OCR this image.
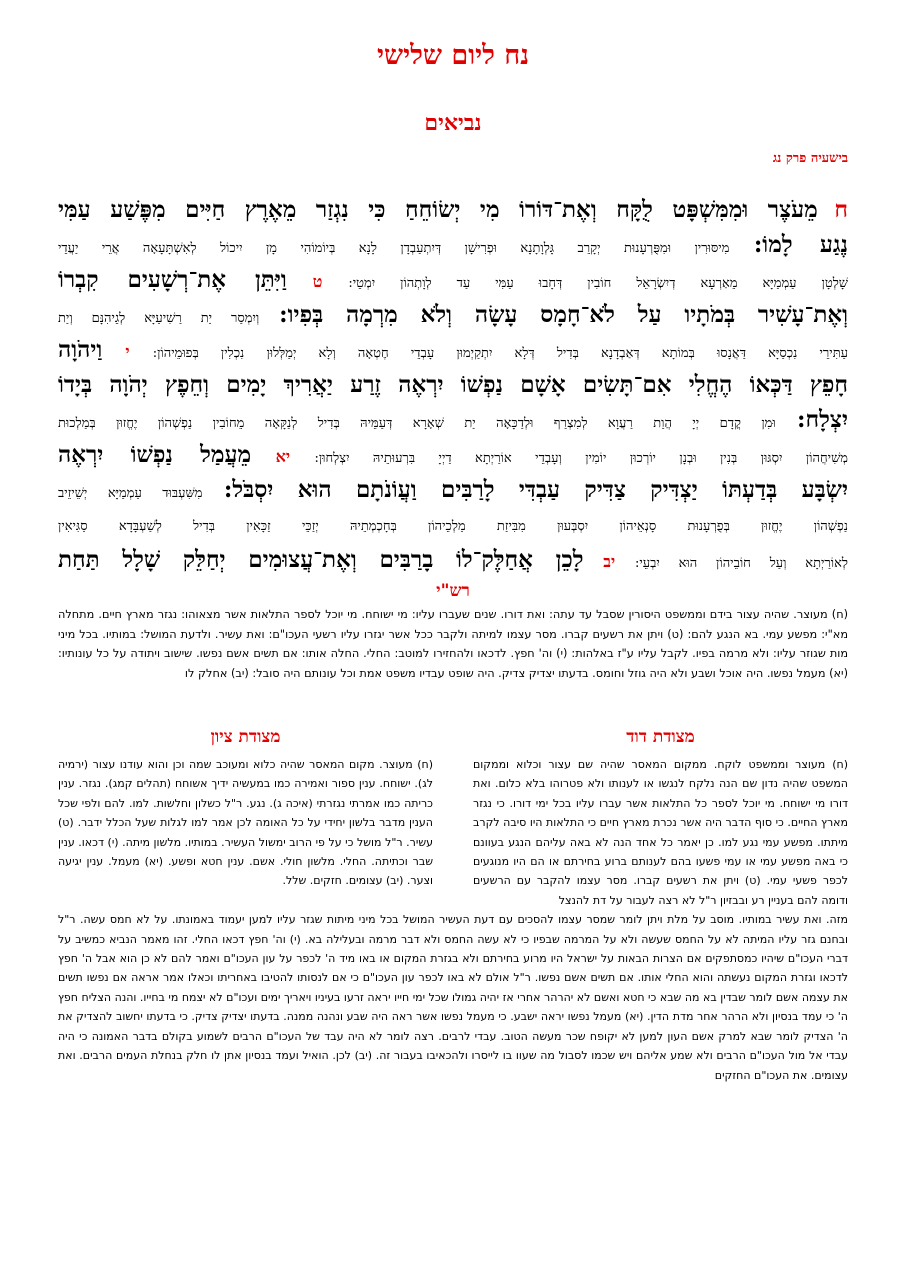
נח ליום שלישי
נביאים
בישעיה פרק נג
ח מֵעֹצֶר וּמִמִּשְׁפָּט לֻקָּח וְאֶת־דּוֹרוֹ מִי יְשׂוֹחֵחַ כִּי נִגְזַר מֵאֶרֶץ חַיִּים מִפֶּשַׁע עַמִּי
נֶגַע לָמוֹ: מִיסּוּרִין וּמִפֻּרְעָנוּת יְקָרֵב גָּלְוָתָנָא וּפְרִישָׁן דְּיִתְעַבְדָן לָנָא בְּיוֹמוֹהִי מָן יִיכוֹל לְאִשְׁתָּעָאָה אֲרֵי יַעֲדֵי
שָׁלְטָן עַמְמַיָּא מֵאַרְעָא דְיִשְׂרָאֵל חוֹבִין דְּחָבוּ עַמִּי עַד לְוָתְהוֹן יִמְטֵי: ט וַיִּתֵּן אֶת־רְשָׁעִים קִבְרוֹ
וְאֶת־עָשִׁיר בְּמֹתָיו עַל לֹא־חָמָס עָשָׂה וְלֹא מִרְמָה בְּפִיו: וְיִמְסַר יַת רַשִׁיעַיָּא לְגֵיהִנָּם וְיַת
עַתִּירֵי נִכְסַיָּא דַּאֲנָסוּ בְּמוֹתָא דְּאַבְדָנָא בְּדִיל דְּלָא יִתְקַיְמוּן עָבְדֵי חֶטְאָה וְלָא יְמַלְּלוּן נִכְלִין בְּפוּמֵיהוֹן: י וַיהֹוָה
חָפֵץ דַּכְּאוֹ הֶחֱלִי אִם־תָּשִׂים אָשָׁם נַפְשׁוֹ יִרְאֶה זֶרַע יַאֲרִיךְ יָמִים וְחֵפֶץ יְהֹוָה בְּיָדוֹ
יִצְלָח: וּמִן קֳדָם יְיָ הֲוַת רַעֲוָא לְמִצְרַף וּלְדַכָּאָה יַת שְׁאָרָא דְּעַמֵּיהּ בְּדִיל לְנַקָּאָה מֵחוֹבִין נַפְשְׁהוֹן יֶחֱזוּן בְּמַלְכוּת
מְשִׁיחֲהוֹן יִסְגּוּן בְּנִין וּבְנָן יוֹרְכוּן יוֹמִין וְעָבְדֵי אוֹרַיְתָא דַיְיָ בִּרְעוּתֵיהּ יִצְלְחוּן: יא מֵעֲמַל נַפְשׁוֹ יִרְאֶה
יִשְׂבָּע בְּדַעְתּוֹ יַצְדִּיק צַדִּיק עַבְדִּי לָרַבִּים וַעֲוֹנֹתָם הוּא יִסְבֹּל: מִשִּׁעְבּוּד עַמְמַיָּא יְשֵׁיזֵיב
נַפְשְׁהוֹן יֶחֱזוּן בְּפֻרְעָנוּת סָנְאֵיהוֹן יִסְבְּעוּן מִבִּיזַת מַלְכֵיהוֹן בְּחָכְמְתֵיהּ יְזַכֵּי זַכָּאִין בְּדִיל לְשַׁעְבָּדָא סַגִּיאִין
לְאוֹרַיְתָא וְעַל חוֹבֵיהוֹן הוּא יִבְעֵי: יב לָכֵן אֲחַלֶּק־לוֹ בָרַבִּים וְאֶת־עֲצוּמִים יְחַלֵּק שָׁלָל תַּחַת
רש"י
(ח) מעוצר. שהיה עצור בידם וממשפט היסורין שסבל עד עתה: ואת דורו. שנים שעברו עליו: מי ישוחח. מי יוכל לספר התלאות אשר מצאוהו: נגזר מארץ חיים. מתחלה מא"י: מפשע עמי. בא הנגע להם: (ט) ויתן את רשעים קברו. מסר עצמו למיתה ולקבר ככל אשר יגזרו עליו רשעי העכו"ם: ואת עשיר. ולדעת המושל: במותיו. בכל מיני מות שגוזר עליו: ולא מרמה בפיו. לקבל עליו ע"ז באלהות: (י) וה' חפץ. לדכאו ולהחזירו למוטב: החלי. החלה אותו: אם תשים אשם נפשו. שישוב ויתודה על כל עונותיו: (יא) מעמל נפשו. היה אוכל ושבע ולא היה גוזל וחומס. בדעתו יצדיק צדיק. היה שופט עבדיו משפט אמת וכל עונותם היה סובל: (יב) אחלק לו
מצודת דוד
(ח) מעוצר וממשפט לוקח. ממקום המאסר שהיה שם עצור וכלוא וממקום המשפט שהיה נדון שם הנה נלקח לנגשו או לענותו ולא פטרוהו בלא כלום. ואת דורו מי ישוחח. מי יוכל לספר כל התלאות אשר עברו עליו בכל ימי דורו. כי נגזר מארץ החיים. כי סוף הדבר היה אשר נכרת מארץ חיים כי התלאות היו סיבה לקרב מיתתו. מפשע עמי נגע למו. כן יאמר כל אחד הנה לא באה עליהם הנגע בעוונם כי באה מפשע עמי או עמי פשעו בהם לענותם ברוע בחירתם או הם היו מנוגעים לכפר פשעי עמי. (ט) ויתן את רשעים קברו. מסר עצמו להקבר עם הרשעים ודומה להם בעניין רע ובבזיון ר"ל לא רצה לעבור על דת להנצל
מצודת ציון
(ח) מעוצר. מקום המאסר שהיה כלוא ומעוכב שמה וכן והוא עודנו עצור (ירמיה לג). ישוחח. ענין ספור ואמירה כמו במעשיה ידיך אשוחח (תהלים קמג). נגזר. ענין כריתה כמו אמרתי נגזרתי (איכה ג). נגע. ר"ל כשלון וחלשות. למו. להם ולפי שכל הענין מדבר בלשון יחידי על כל האומה לכן אמר למו לגלות שעל הכלל ידבר. (ט) עשיר. ר"ל מושל כי על פי הרוב ימשול העשיר. במותיו. מלשון מיתה. (י) דכאו. ענין שבר וכתיתה. החלי. מלשון חולי. אשם. ענין חטא ופשע. (יא) מעמל. ענין יגיעה וצער. (יב) עצומים. חזקים. שלל.
מזה. ואת עשיר במותיו. מוסב על מלת ויתן לומר שמסר עצמו להסכים עם דעת העשיר המושל בכל מיני מיתות שגזר עליו למען יעמוד באמונתו. על לא חמס עשה. ר"ל ובחנם גזר עליו המיתה לא על החמס שעשה ולא על המרמה שבפיו כי לא עשה החמס ולא דבר מרמה ובעלילה בא. (י) וה' חפץ דכאו החלי. זהו מאמר הנביא כמשיב על דברי העכו"ם שיהיו כמסתפקים אם הצרות הבאות על ישראל היו מרוע בחירתם ולא בגזרת המקום או באו מיד ה' לכפר על עון העכו"ם ואמר להם לא כן הוא אבל ה' חפץ לדכאו וגזרת המקום נעשתה והוא החלי אותו. אם תשים אשם נפשו. ר"ל אולם לא באו לכפר עון העכו"ם כי אם לנסותו להטיבו באחריתו וכאלו אמר אראה אם נפשו תשים את עצמה אשם לומר שבדין בא מה שבא כי חטא ואשם לא יהרהר אחרי אז יהיה גמולו שכל ימי חייו יראה זרעו בעיניו ויאריך ימים ועכו"ם לא יצמח מי בחייו. והנה הצליח חפץ ה' כי עמד בנסיון ולא הרהר אחר מדת הדין. (יא) מעמל נפשו יראה ישבע. כי מעמל נפשו אשר ראה היה שבע ונהנה ממנה. בדעתו יצדיק צדיק. כי בדעתו יחשוב להצדיק את ה' הצדיק לומר שבא למרק אשם העון למען לא יקופח שכר מעשה הטוב. עבדי לרבים. רצה לומר לא היה עבד של העכו"ם הרבים לשמוע בקולם בדבר האמונה כי היה עבדי אל מול העכו"ם הרבים ולא שמע אליהם ויש שכמו לסבול מה שעוו בו לייסרו ולהכאיבו בעבור זה. (יב) לכן. הואיל ועמד בנסיון אתן לו חלק בנחלת העמים הרבים. ואת עצומים. את העכו"ם החזקים
